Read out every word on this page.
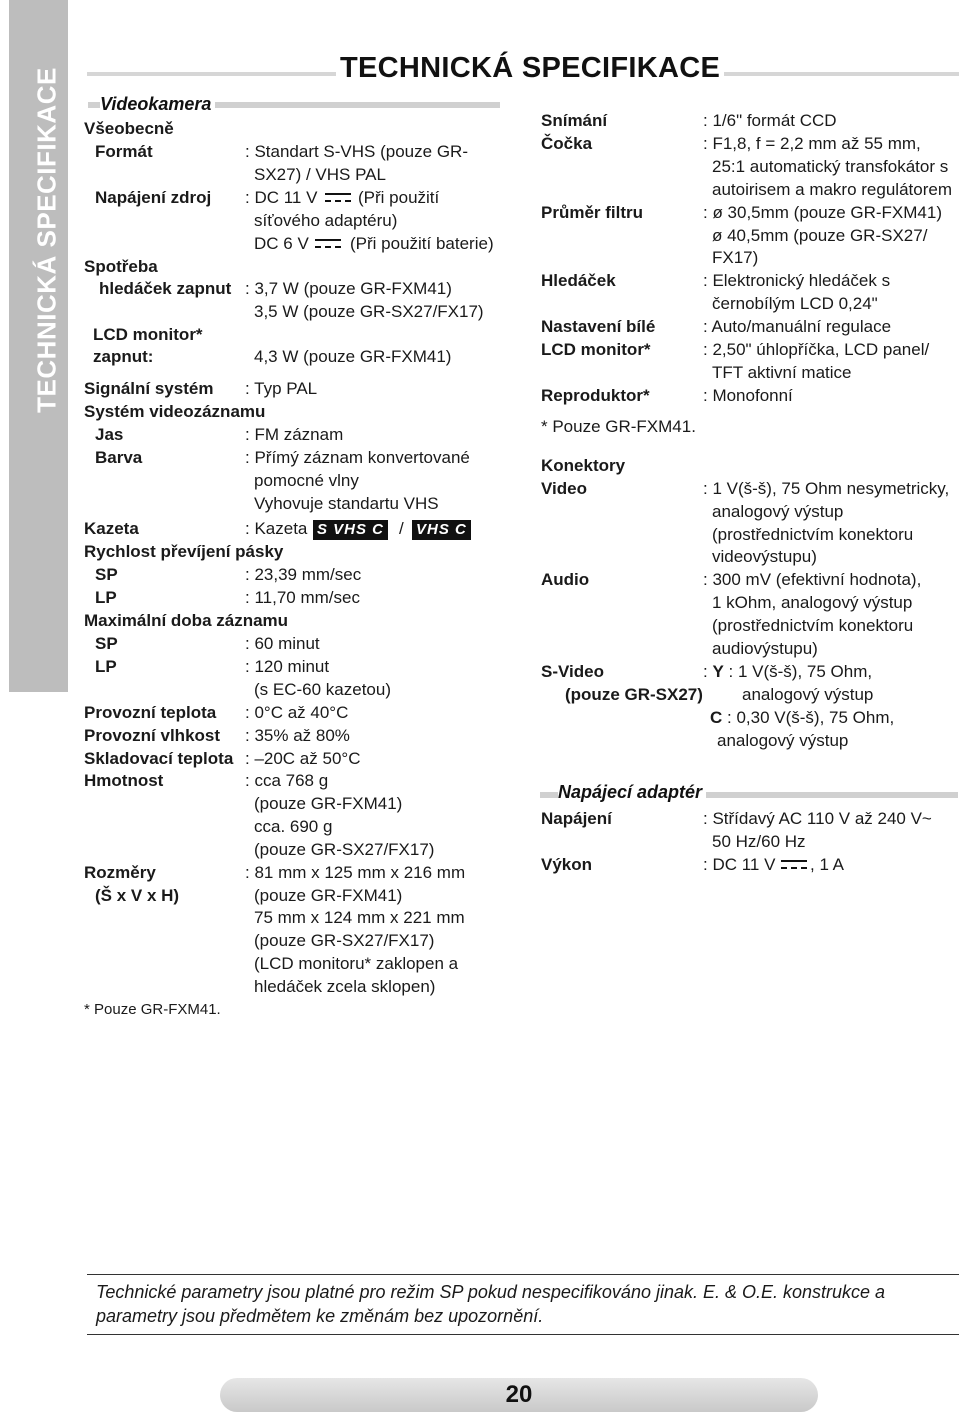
TECHNICKÁ SPECIFIKACE	TECHNICKÁ SPECIFIKACE
Videokamera
Všeobecně
Formát	: Standart S-VHS (pouze GR-
SX27) / VHS PAL
Napájení zdroj : DC 11 V (Při použití
síťového adaptéru)
DC 6 V (Při použití baterie)
Spotřeba
hledáček zapnut : 3,7 W (pouze GR-FXM41)
3,5 W (pouze GR-SX27/FX17)
LCD monitor*
zapnut:	4,3 W (pouze GR-FXM41)
Signální systém : Typ PAL
Systém videozáznamu
Jas	: FM záznam
Barva	: Přímý záznam konvertované
pomocné vlny
Vyhovuje standartu VHS
Kazeta	: Kazeta S VHS C / VHS C
Rychlost převíjení pásky
SP	: 23,39 mm/sec
LP	: 11,70 mm/sec
Maximální doba záznamu
SP	: 60 minut
LP	: 120 minut
(s EC-60 kazetou)
Provozní teplota : 0°C až 40°C
Provozní vlhkost : 35% až 80%
Skladovací teplota : –20C až 50°C
Hmotnost	: cca 768 g
(pouze GR-FXM41)
cca. 690 g
(pouze GR-SX27/FX17)
Rozměry	: 81 mm x 125 mm x 216 mm
(Š x V x H)	(pouze GR-FXM41)
75 mm x 124 mm x 221 mm
(pouze GR-SX27/FX17)
(LCD monitoru* zaklopen a
hledáček zcela sklopen)
* Pouze GR-FXM41.
Snímání	: 1/6" formát CCD
Čočka	: F1,8, f = 2,2 mm až 55 mm,
25:1 automatický transfokátor s
autoirisem a makro regulátorem
Průměr filtru	: ø 30,5mm (pouze GR-FXM41)
ø 40,5mm (pouze GR-SX27/
FX17)
Hledáček	: Elektronický hledáček s
černobílým LCD 0,24"
Nastavení bílé	: Auto/manuální regulace
LCD monitor*	: 2,50" úhlopříčka, LCD panel/
TFT aktivní matice
Reproduktor*	: Monofonní
* Pouze GR-FXM41.
Konektory
Video	: 1 V(š-š), 75 Ohm nesymetricky,
analogový výstup
(prostřednictvím konektoru
videovýstupu)
Audio	: 300 mV (efektivní hodnota),
1 kOhm, analogový výstup
(prostřednictvím konektoru
audiovýstupu)
S-Video	: Y : 1 V(š-š), 75 Ohm,
(pouze GR-SX27) analogový výstup
C : 0,30 V(š-š), 75 Ohm,
analogový výstup
Napájecí adaptér
Napájení	: Střídavý AC 110 V až 240 V~
50 Hz/60 Hz
Výkon	: DC 11 V , 1 A
Technické parametry jsou platné pro režim SP pokud nespecifikováno jinak. E. & O.E. konstrukce a parametry jsou předmětem ke změnám bez upozornění.
20
